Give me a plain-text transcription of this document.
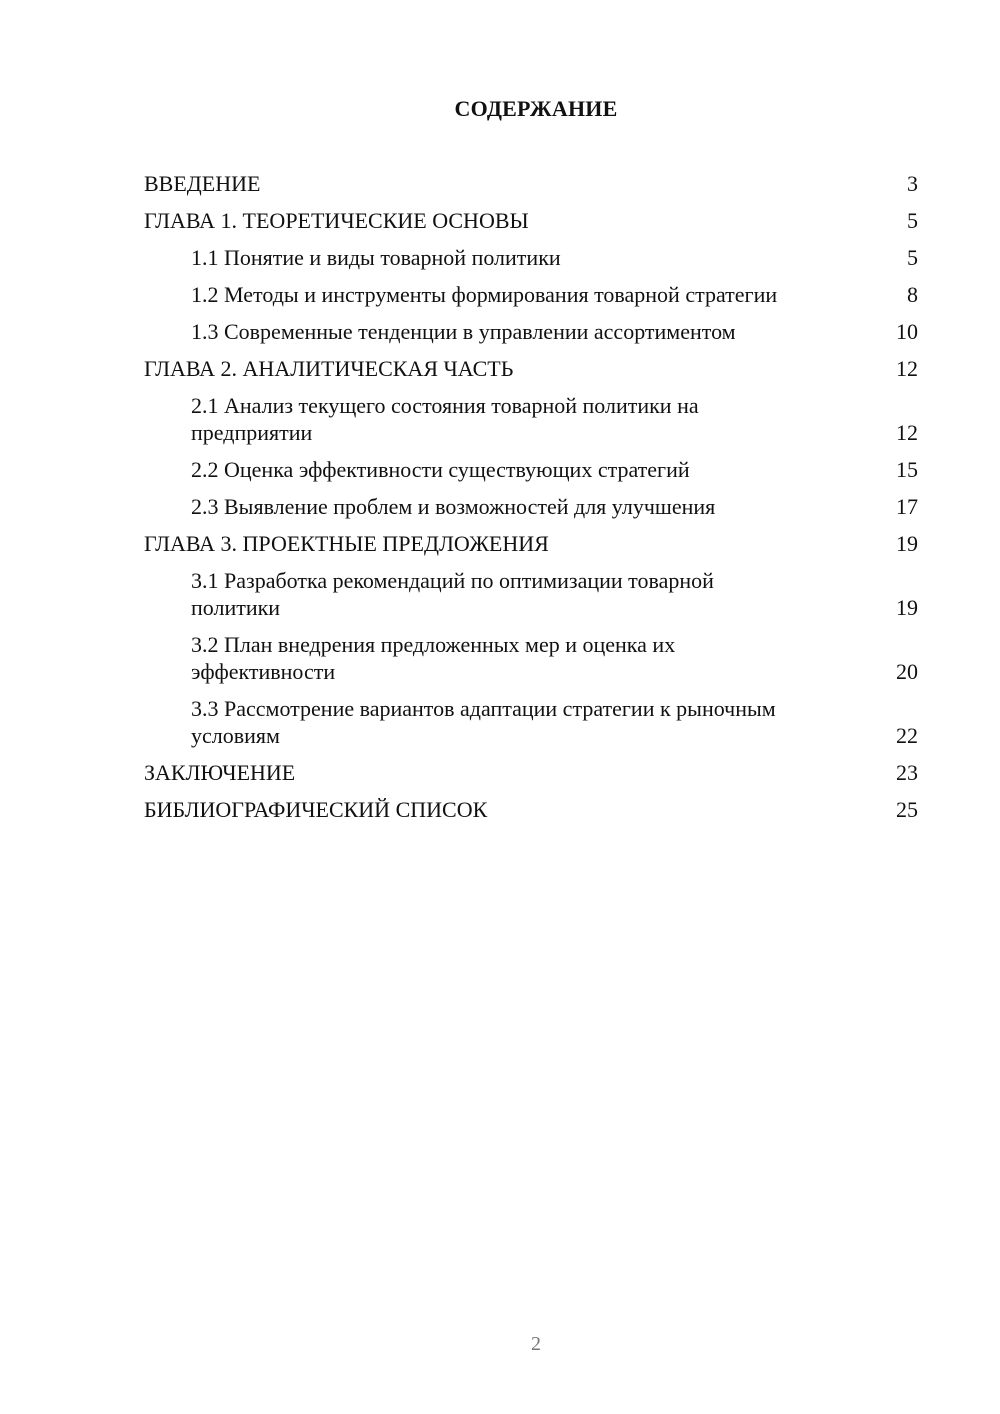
СОДЕРЖАНИЕ
ВВЕДЕНИЕ	3
ГЛАВА 1. ТЕОРЕТИЧЕСКИЕ ОСНОВЫ	5
1.1 Понятие и виды товарной политики	5
1.2 Методы и инструменты формирования товарной стратегии	8
1.3 Современные тенденции в управлении ассортиментом	10
ГЛАВА 2. АНАЛИТИЧЕСКАЯ ЧАСТЬ	12
2.1 Анализ текущего состояния товарной политики на предприятии	12
2.2 Оценка эффективности существующих стратегий	15
2.3 Выявление проблем и возможностей для улучшения	17
ГЛАВА 3. ПРОЕКТНЫЕ ПРЕДЛОЖЕНИЯ	19
3.1 Разработка рекомендаций по оптимизации товарной политики	19
3.2 План внедрения предложенных мер и оценка их эффективности	20
3.3 Рассмотрение вариантов адаптации стратегии к рыночным условиям	22
ЗАКЛЮЧЕНИЕ	23
БИБЛИОГРАФИЧЕСКИЙ СПИСОК	25
2
